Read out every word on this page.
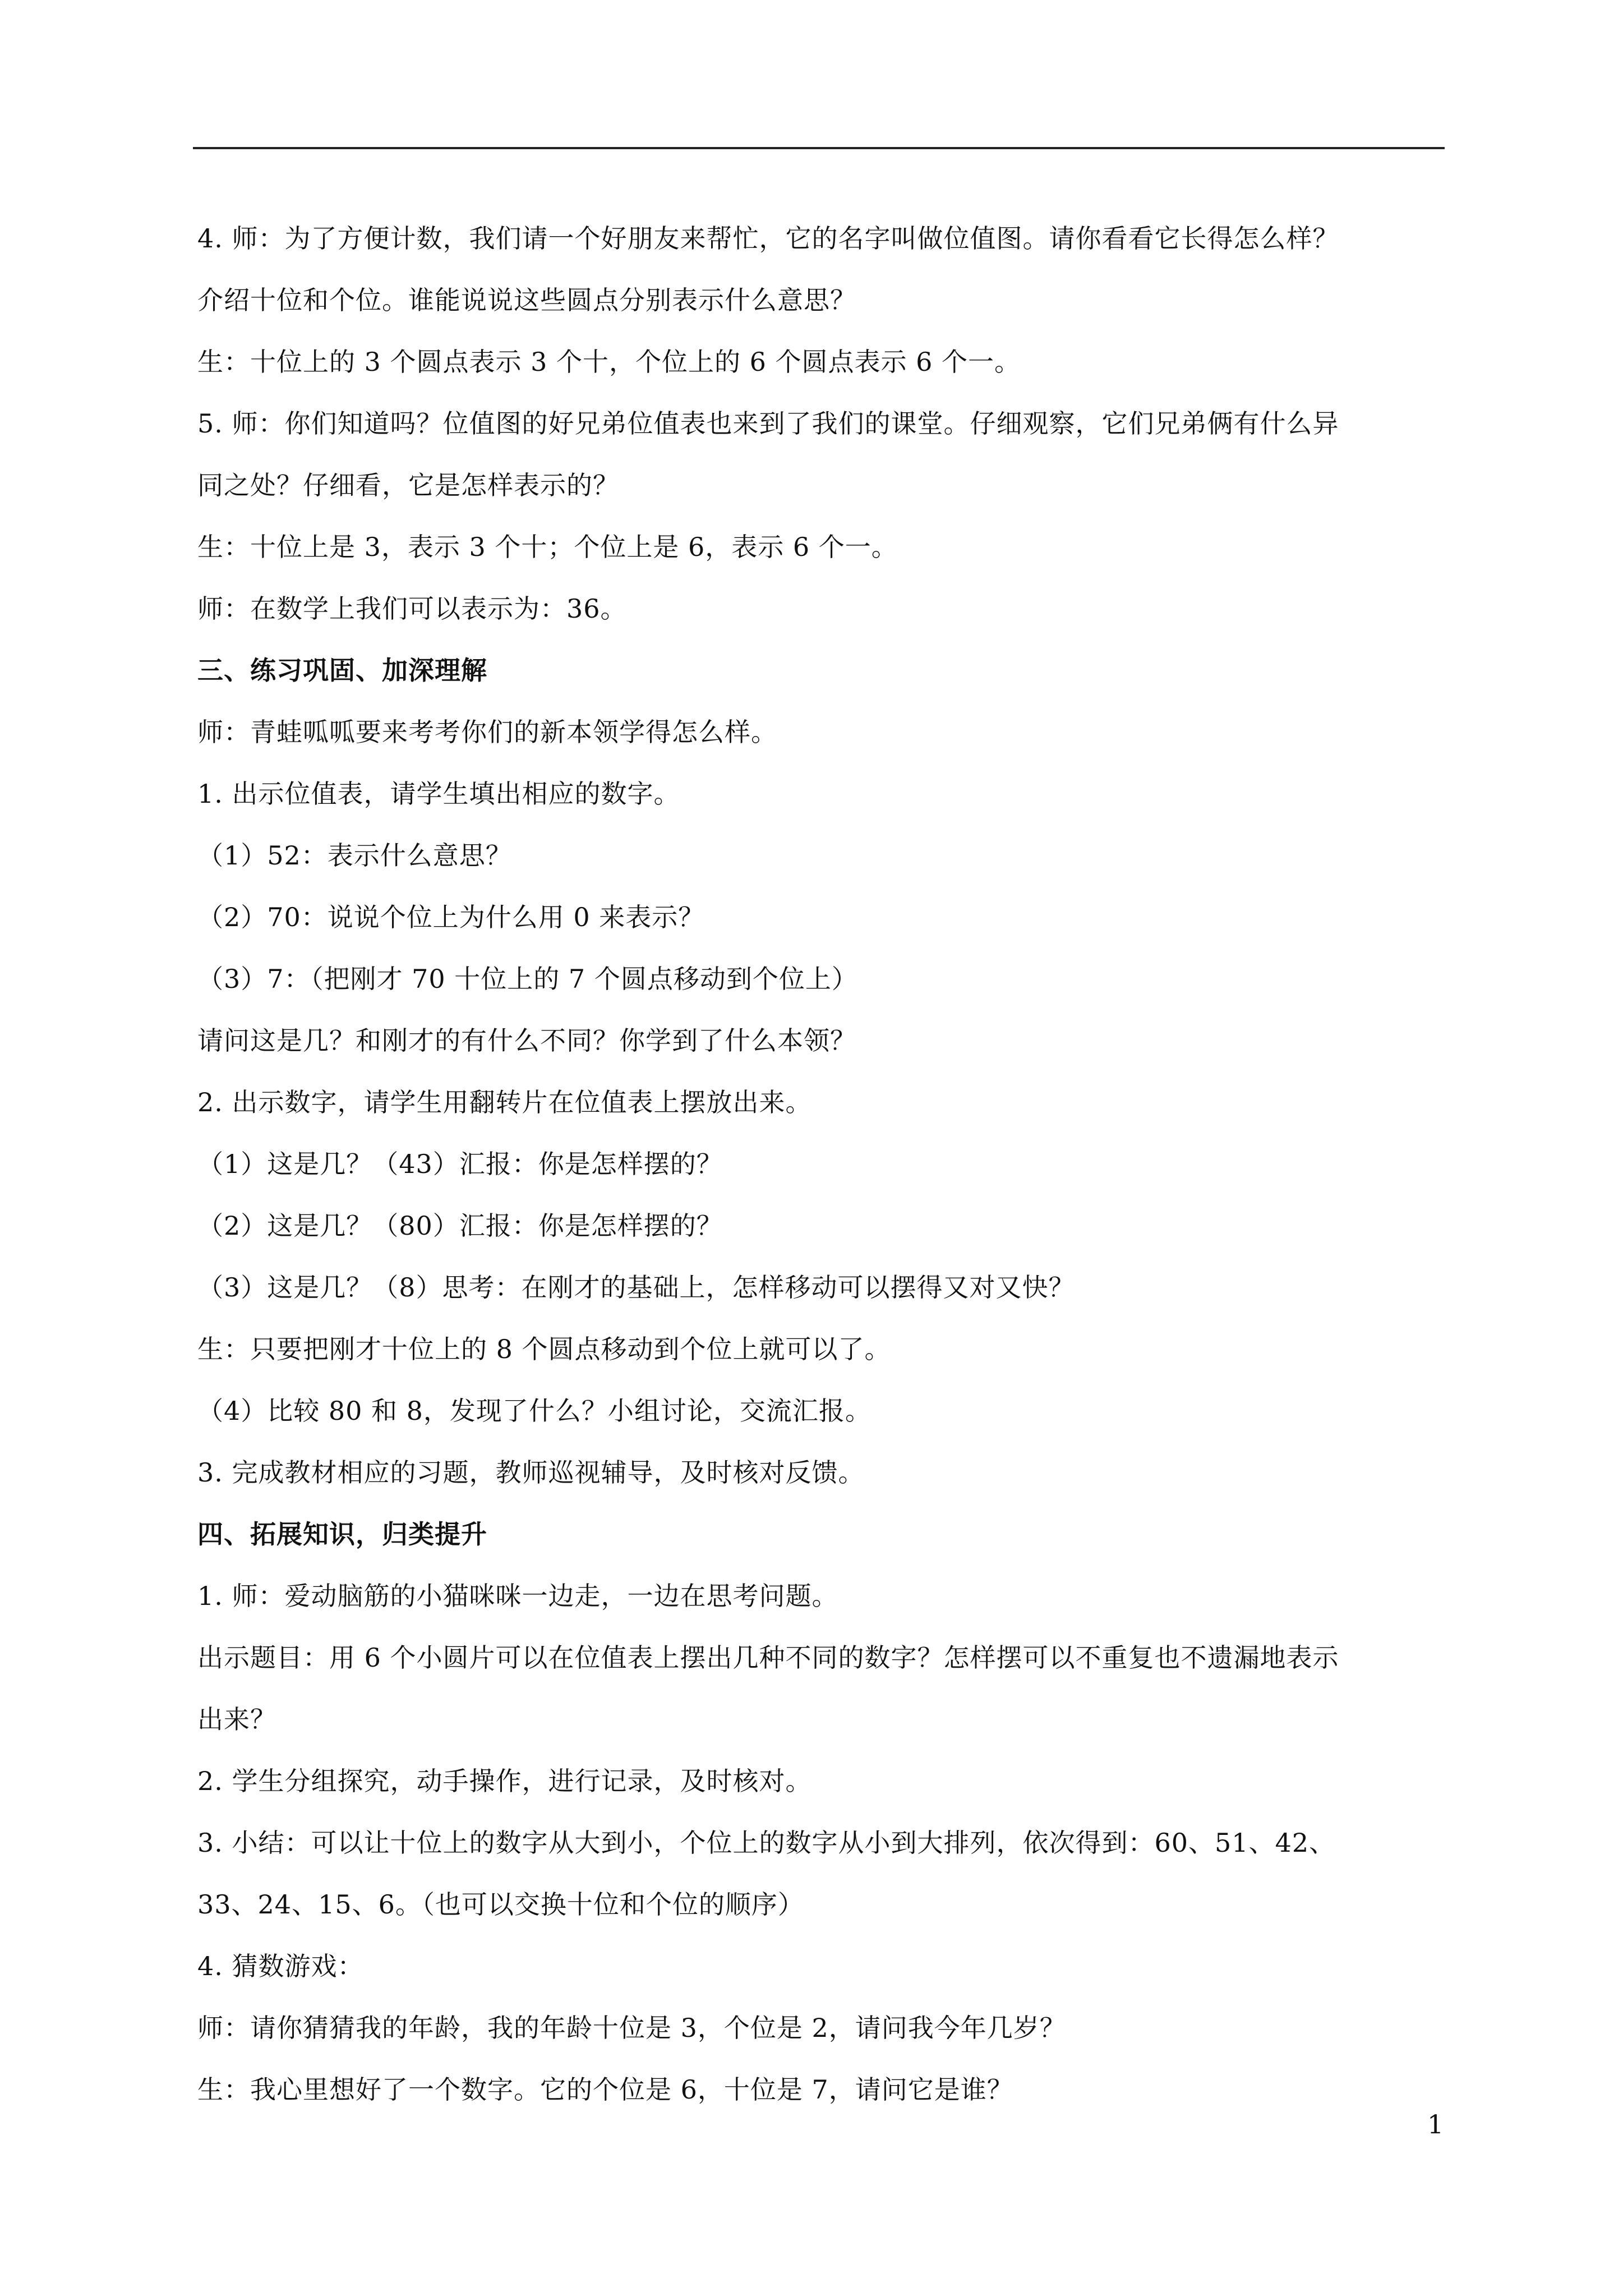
4. 师：为了方便计数，我们请一个好朋友来帮忙，它的名字叫做位值图。请你看看它长得怎么样？
介绍十位和个位。谁能说说这些圆点分别表示什么意思？
生：十位上的 3 个圆点表示 3 个十，个位上的 6 个圆点表示 6 个一。
5. 师：你们知道吗？位值图的好兄弟位值表也来到了我们的课堂。仔细观察，它们兄弟俩有什么异
同之处？仔细看，它是怎样表示的？
生：十位上是 3，表示 3 个十；个位上是 6，表示 6 个一。
师：在数学上我们可以表示为：36。
三、练习巩固、加深理解
师：青蛙呱呱要来考考你们的新本领学得怎么样。
1. 出示位值表，请学生填出相应的数字。
（1）52：表示什么意思？
（2）70：说说个位上为什么用 0 来表示？
（3）7：（把刚才 70 十位上的 7 个圆点移动到个位上）
请问这是几？和刚才的有什么不同？你学到了什么本领？
2. 出示数字，请学生用翻转片在位值表上摆放出来。
（1）这是几？（43）汇报：你是怎样摆的？
（2）这是几？（80）汇报：你是怎样摆的？
（3）这是几？（8）思考：在刚才的基础上，怎样移动可以摆得又对又快？
生：只要把刚才十位上的 8 个圆点移动到个位上就可以了。
（4）比较 80 和 8，发现了什么？小组讨论，交流汇报。
3. 完成教材相应的习题，教师巡视辅导，及时核对反馈。
四、拓展知识，归类提升
1. 师：爱动脑筋的小猫咪咪一边走，一边在思考问题。
出示题目：用 6 个小圆片可以在位值表上摆出几种不同的数字？怎样摆可以不重复也不遗漏地表示
出来？
2. 学生分组探究，动手操作，进行记录，及时核对。
3. 小结：可以让十位上的数字从大到小，个位上的数字从小到大排列，依次得到：60、51、42、
33、24、15、6。（也可以交换十位和个位的顺序）
4. 猜数游戏：
师：请你猜猜我的年龄，我的年龄十位是 3，个位是 2，请问我今年几岁？
生：我心里想好了一个数字。它的个位是 6，十位是 7，请问它是谁？
1
